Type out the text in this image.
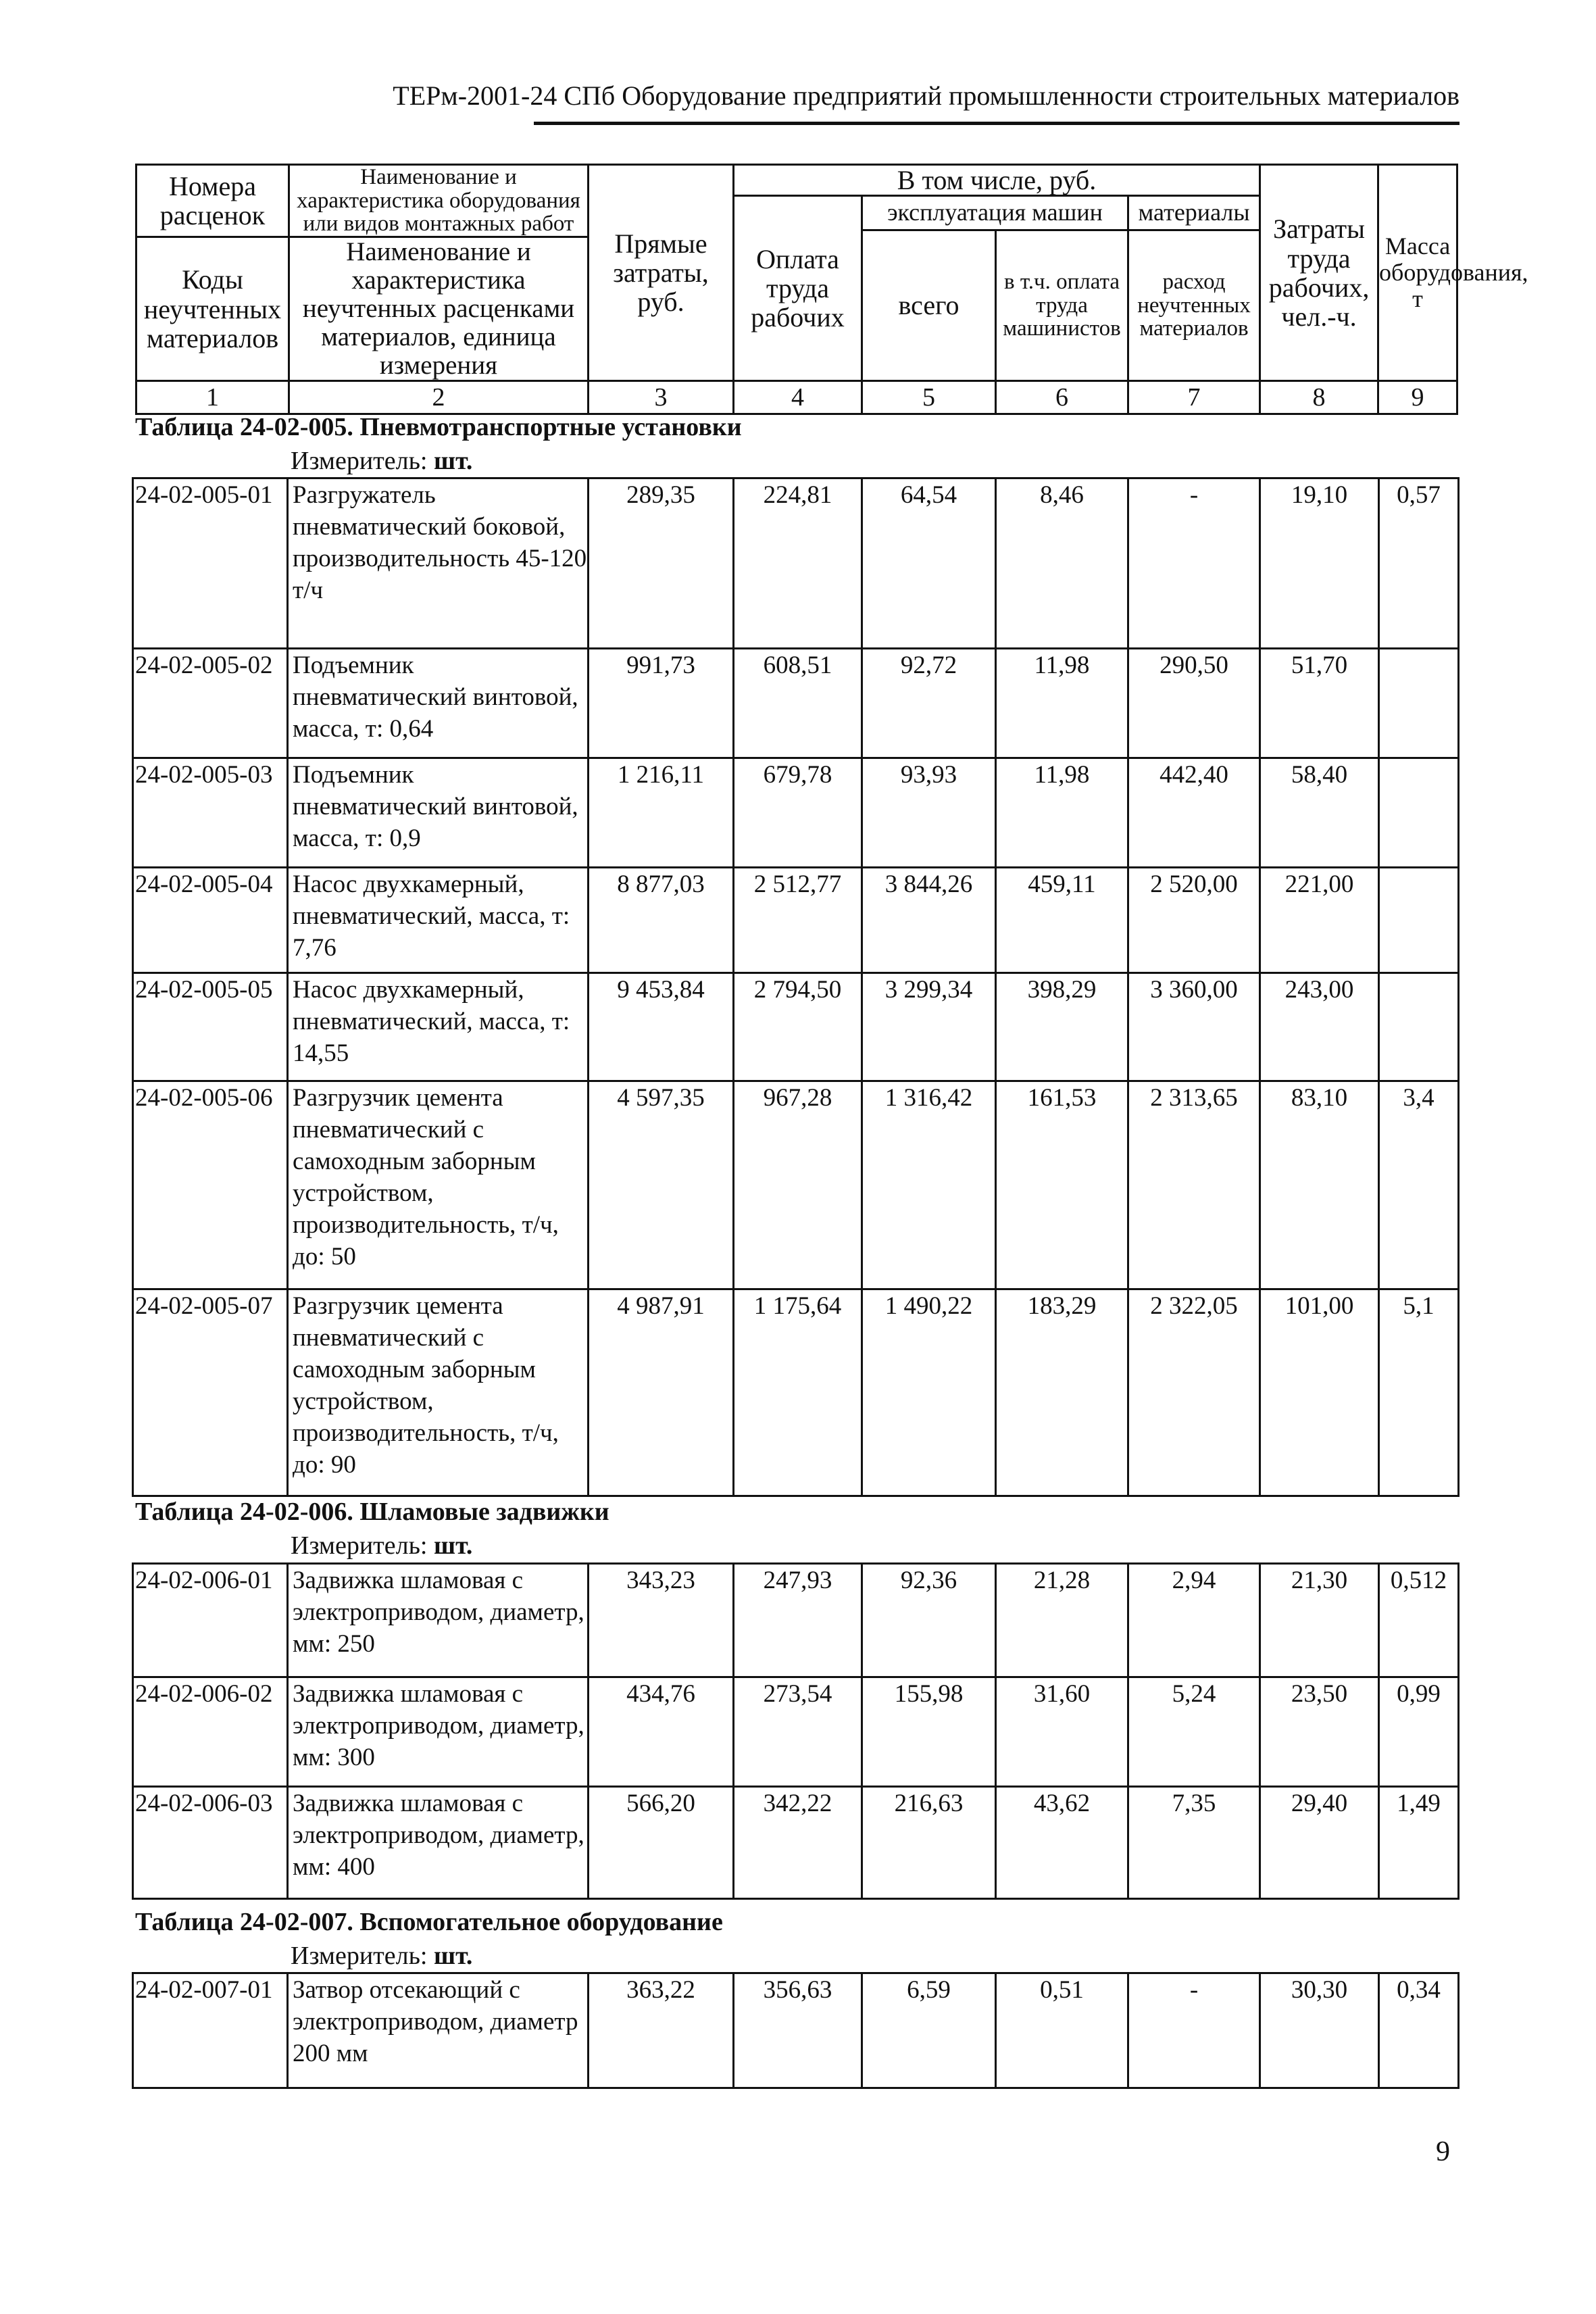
ТЕРм-2001-24 СПб Оборудование предприятий промышленности строительных материалов
Номера расценок	Наименование и характеристика оборудования или видов монтажных работ	Прямые затраты, руб.	В том числе, руб.				Затраты труда рабочих, чел.-ч.	Масса оборудования, т
			Оплата труда рабочих	эксплуатация машин		материалы		
				всего	в т.ч. оплата труда машинистов	расход неучтенных материалов		
Коды неучтенных материалов	Наименование и характеристика неучтенных расценками материалов, единица измерения							

1	2	3	4	5	6	7	8	9
Таблица 24-02-005. Пневмотранспортные установки
Измеритель: шт.
24-02-005-01	Разгружатель пневматический боковой, производительность 45-120 т/ч	289,35	224,81	64,54	8,46	-	19,10	0,57
24-02-005-02	Подъемник пневматический винтовой, масса, т: 0,64	991,73	608,51	92,72	11,98	290,50	51,70	
24-02-005-03	Подъемник пневматический винтовой, масса, т: 0,9	1 216,11	679,78	93,93	11,98	442,40	58,40	
24-02-005-04	Насос двухкамерный, пневматический, масса, т: 7,76	8 877,03	2 512,77	3 844,26	459,11	2 520,00	221,00	
24-02-005-05	Насос двухкамерный, пневматический, масса, т: 14,55	9 453,84	2 794,50	3 299,34	398,29	3 360,00	243,00	
24-02-005-06	Разгрузчик цемента пневматический с самоходным заборным устройством, производительность, т/ч, до: 50	4 597,35	967,28	1 316,42	161,53	2 313,65	83,10	3,4
24-02-005-07	Разгрузчик цемента пневматический с самоходным заборным устройством, производительность, т/ч, до: 90	4 987,91	1 175,64	1 490,22	183,29	2 322,05	101,00	5,1
Таблица 24-02-006. Шламовые задвижки
Измеритель: шт.
24-02-006-01	Задвижка шламовая с электроприводом, диаметр, мм: 250	343,23	247,93	92,36	21,28	2,94	21,30	0,512
24-02-006-02	Задвижка шламовая с электроприводом, диаметр, мм: 300	434,76	273,54	155,98	31,60	5,24	23,50	0,99
24-02-006-03	Задвижка шламовая с электроприводом, диаметр, мм: 400	566,20	342,22	216,63	43,62	7,35	29,40	1,49
Таблица 24-02-007. Вспомогательное оборудование
Измеритель: шт.
24-02-007-01	Затвор отсекающий с электроприводом, диаметр 200 мм	363,22	356,63	6,59	0,51	-	30,30	0,34
9
